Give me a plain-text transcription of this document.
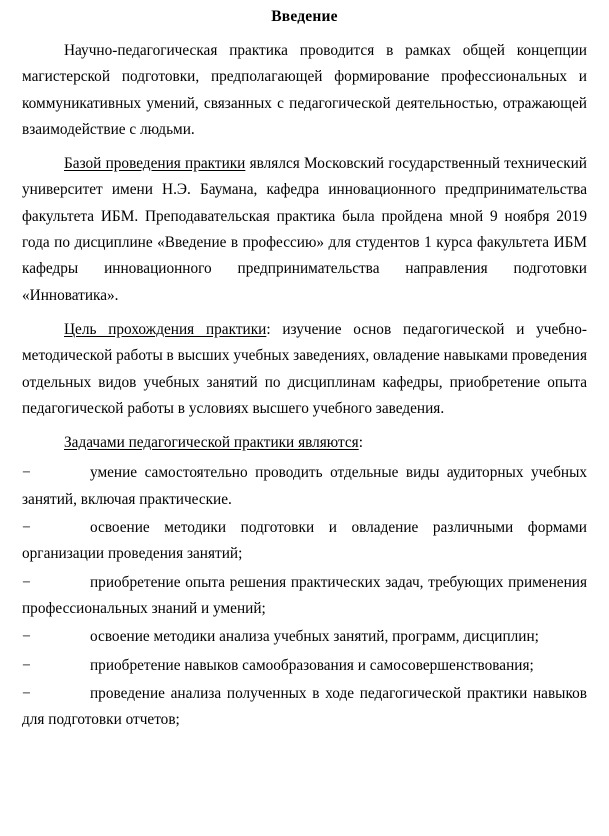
Введение

Научно-педагогическая практика проводится в рамках общей концепции магистерской подготовки, предполагающей формирование профессиональных и коммуникативных умений, связанных с педагогической деятельностью, отражающей взаимодействие с людьми.

Базой проведения практики являлся Московский государственный технический университет имени Н.Э. Баумана, кафедра инновационного предпринимательства факультета ИБМ. Преподавательская практика была пройдена мной 9 ноября 2019 года по дисциплине «Введение в профессию» для студентов 1 курса факультета ИБМ кафедры инновационного предпринимательства направления подготовки «Инноватика».

Цель прохождения практики: изучение основ педагогической и учебно-методической работы в высших учебных заведениях, овладение навыками проведения отдельных видов учебных занятий по дисциплинам кафедры, приобретение опыта педагогической работы в условиях высшего учебного заведения.

Задачами педагогической практики являются:

−	умение самостоятельно проводить отдельные виды аудиторных учебных занятий, включая практические.

−	освоение методики подготовки и овладение различными формами организации проведения занятий;

−	приобретение опыта решения практических задач, требующих применения профессиональных знаний и умений;

−	освоение методики анализа учебных занятий, программ, дисциплин;

−	приобретение навыков самообразования и самосовершенствования;

−	проведение анализа полученных в ходе педагогической практики навыков для подготовки отчетов;
